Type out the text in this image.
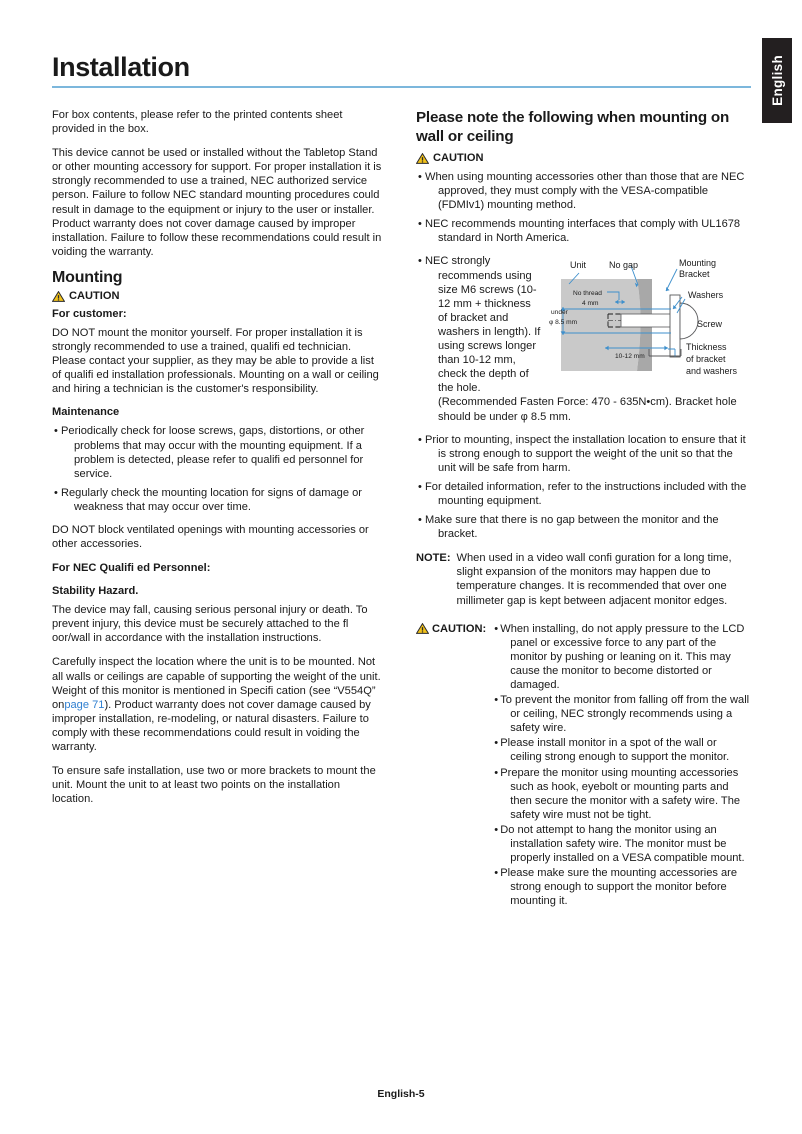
English
Installation

For box contents, please refer to the printed contents sheet provided in the box.

This device cannot be used or installed without the Tabletop Stand or other mounting accessory for support. For proper installation it is strongly recommended to use a trained, NEC authorized service person. Failure to follow NEC standard mounting procedures could result in damage to the equipment or injury to the user or installer. Product warranty does not cover damage caused by improper installation. Failure to follow these recommendations could result in voiding the warranty.

Mounting
CAUTION
For customer:

DO NOT mount the monitor yourself. For proper installation it is strongly recommended to use a trained, qualifi ed technician. Please contact your supplier, as they may be able to provide a list of qualifi ed installation professionals. Mounting on a wall or ceiling and hiring a technician is the customer's responsibility.

Maintenance
• Periodically check for loose screws, gaps, distortions, or other problems that may occur with the mounting equipment. If a problem is detected, please refer to qualifi ed personnel for service.
• Regularly check the mounting location for signs of damage or weakness that may occur over time.

DO NOT block ventilated openings with mounting accessories or other accessories.

For NEC Qualifi ed Personnel:
Stability Hazard.

The device may fall, causing serious personal injury or death. To prevent injury, this device must be securely attached to the fl oor/wall in accordance with the installation instructions.

Carefully inspect the location where the unit is to be mounted. Not all walls or ceilings are capable of supporting the weight of the unit. Weight of this monitor is mentioned in Specifi cation (see “V554Q” onpage 71). Product warranty does not cover damage caused by improper installation, re-modeling, or natural disasters. Failure to comply with these recommendations could result in voiding the warranty.

To ensure safe installation, use two or more brackets to mount the unit. Mount the unit to at least two points on the installation location.

Please note the following when mounting on wall or ceiling
CAUTION
• When using mounting accessories other than those that are NEC approved, they must comply with the VESA-compatible (FDMIv1) mounting method.
• NEC recommends mounting interfaces that comply with UL1678 standard in North America.
Unit	No gap	Mounting
Bracket
Washers
Screw
Thickness
of bracket
and washers
No thread
4 mm
under
φ 8.5 mm
10-12 mm
• NEC strongly recommends using size M6 screws (10-12 mm + thickness of bracket and washers in length). If using screws longer than 10-12 mm, check the depth of the hole. (Recommended Fasten Force: 470 - 635N•cm). Bracket hole should be under φ 8.5 mm.
• Prior to mounting, inspect the installation location to ensure that it is strong enough to support the weight of the unit so that the unit will be safe from harm.
• For detailed information, refer to the instructions included with the mounting equipment.
• Make sure that there is no gap between the monitor and the bracket.
NOTE: When used in a video wall confi guration for a long time, slight expansion of the monitors may happen due to temperature changes. It is recommended that over one millimeter gap is kept between adjacent monitor edges.
CAUTION:	• When installing, do not apply pressure to the LCD panel or excessive force to any part of the monitor by pushing or leaning on it. This may cause the monitor to become distorted or damaged.
• To prevent the monitor from falling off from the wall or ceiling, NEC strongly recommends using a safety wire.
• Please install monitor in a spot of the wall or ceiling strong enough to support the monitor.
• Prepare the monitor using mounting accessories such as hook, eyebolt or mounting parts and then secure the monitor with a safety wire. The safety wire must not be tight.
• Do not attempt to hang the monitor using an installation safety wire. The monitor must be properly installed on a VESA compatible mount.
• Please make sure the mounting accessories are strong enough to support the monitor before mounting it.
English-5
